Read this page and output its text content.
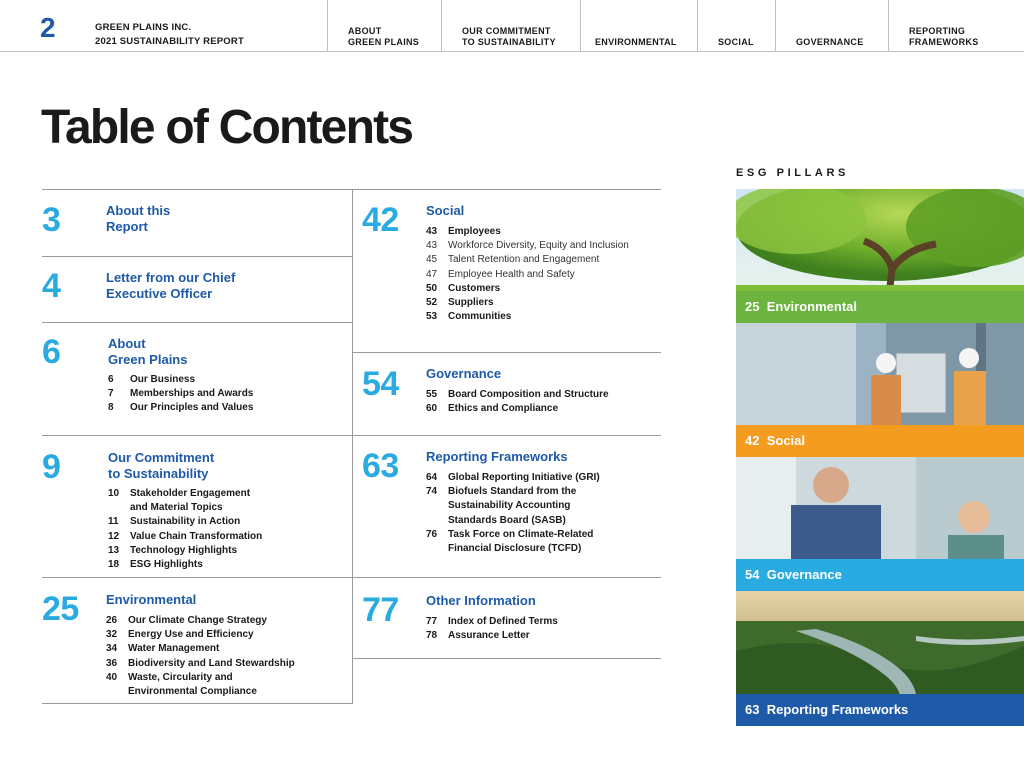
2	GREEN PLAINS INC.
2021 SUSTAINABILITY REPORT
ABOUT
GREEN PLAINS
OUR COMMITMENT
TO SUSTAINABILITY	ENVIRONMENTAL	SOCIAL	GOVERNANCE
REPORTING
FRAMEWORKS
Table of Contents
3	About this
Report
4	Letter from our Chief
Executive Officer
6	About
Green Plains
6	Our Business
7	Memberships and Awards
8	Our Principles and Values
9	Our Commitment
to Sustainability
10	Stakeholder Engagement
and Material Topics
11	Sustainability in Action
12	Value Chain Transformation
13	Technology Highlights
18	ESG Highlights
25 Environmental
26	Our Climate Change Strategy
32	Energy Use and Efficiency
34	Water Management
36	Biodiversity and Land Stewardship
40	Waste, Circularity and
Environmental Compliance
42 Social
43	Employees
43	Workforce Diversity, Equity and Inclusion
45	Talent Retention and Engagement
47	Employee Health and Safety
50	Customers
52	Suppliers
53	Communities
54 Governance
55	Board Composition and Structure
60	Ethics and Compliance
63 Reporting Frameworks
64	Global Reporting Initiative (GRI)
74	Biofuels Standard from the
Sustainability Accounting
Standards Board (SASB)
76	Task Force on Climate-Related
Financial Disclosure (TCFD)
77 Other Information
77	Index of Defined Terms
78	Assurance Letter
ESG PILLARS
25 Environmental
42 Social
54 Governance
63 Reporting Frameworks
